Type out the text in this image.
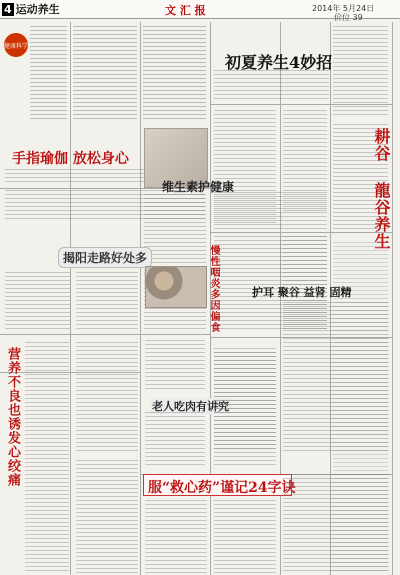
4 运动养生	文 汇 报	2014年 5月24日
健康科学
手指瑜伽 放松身心
初夏养生4妙招
维生素护健康	耕谷 龍谷养生
揭阳走路好处多
营养不良也诱发心绞痛	老人吃肉有讲究
慢性咽炎多因偏食	护耳 聚谷 益肾 固精
服“救心药”谨记24字诀
价位 39
